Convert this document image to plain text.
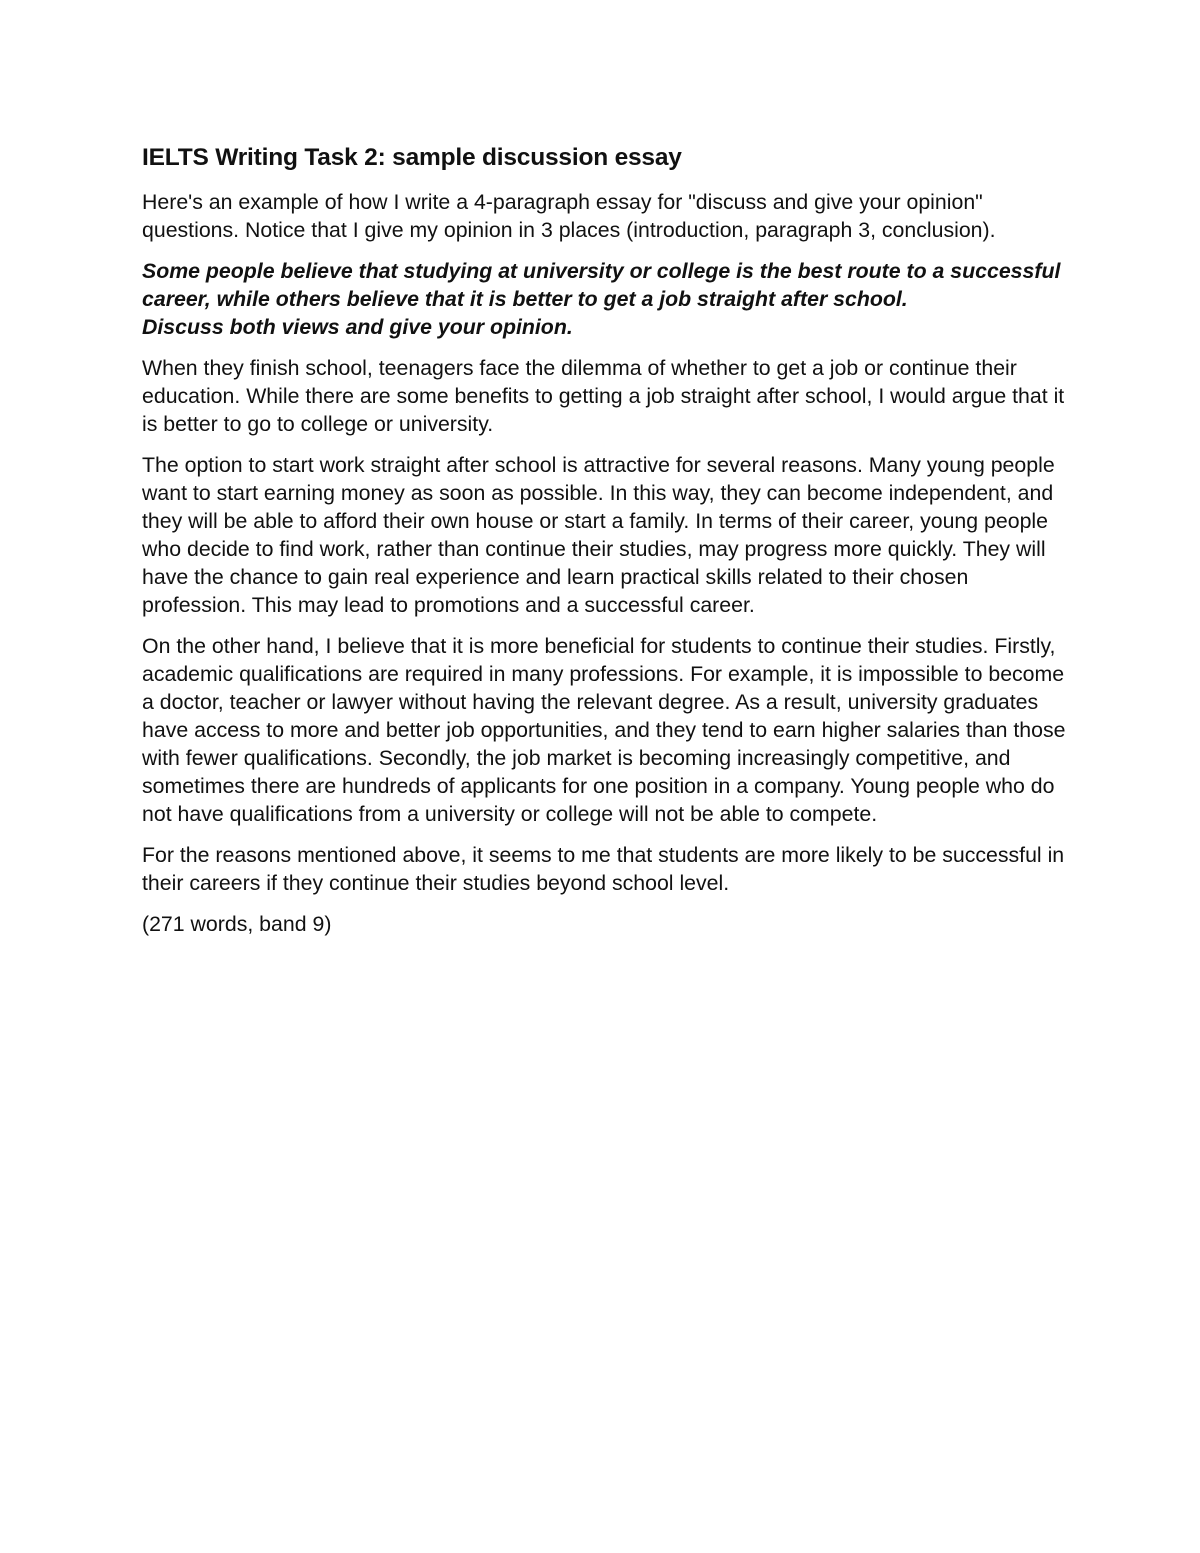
IELTS Writing Task 2: sample discussion essay

Here's an example of how I write a 4-paragraph essay for "discuss and give your opinion" questions. Notice that I give my opinion in 3 places (introduction, paragraph 3, conclusion).

Some people believe that studying at university or college is the best route to a successful career, while others believe that it is better to get a job straight after school.
Discuss both views and give your opinion.

When they finish school, teenagers face the dilemma of whether to get a job or continue their education. While there are some benefits to getting a job straight after school, I would argue that it is better to go to college or university.

The option to start work straight after school is attractive for several reasons. Many young people want to start earning money as soon as possible. In this way, they can become independent, and they will be able to afford their own house or start a family. In terms of their career, young people who decide to find work, rather than continue their studies, may progress more quickly. They will have the chance to gain real experience and learn practical skills related to their chosen profession. This may lead to promotions and a successful career.

On the other hand, I believe that it is more beneficial for students to continue their studies. Firstly, academic qualifications are required in many professions. For example, it is impossible to become a doctor, teacher or lawyer without having the relevant degree. As a result, university graduates have access to more and better job opportunities, and they tend to earn higher salaries than those with fewer qualifications. Secondly, the job market is becoming increasingly competitive, and sometimes there are hundreds of applicants for one position in a company. Young people who do not have qualifications from a university or college will not be able to compete.

For the reasons mentioned above, it seems to me that students are more likely to be successful in their careers if they continue their studies beyond school level.

(271 words, band 9)
